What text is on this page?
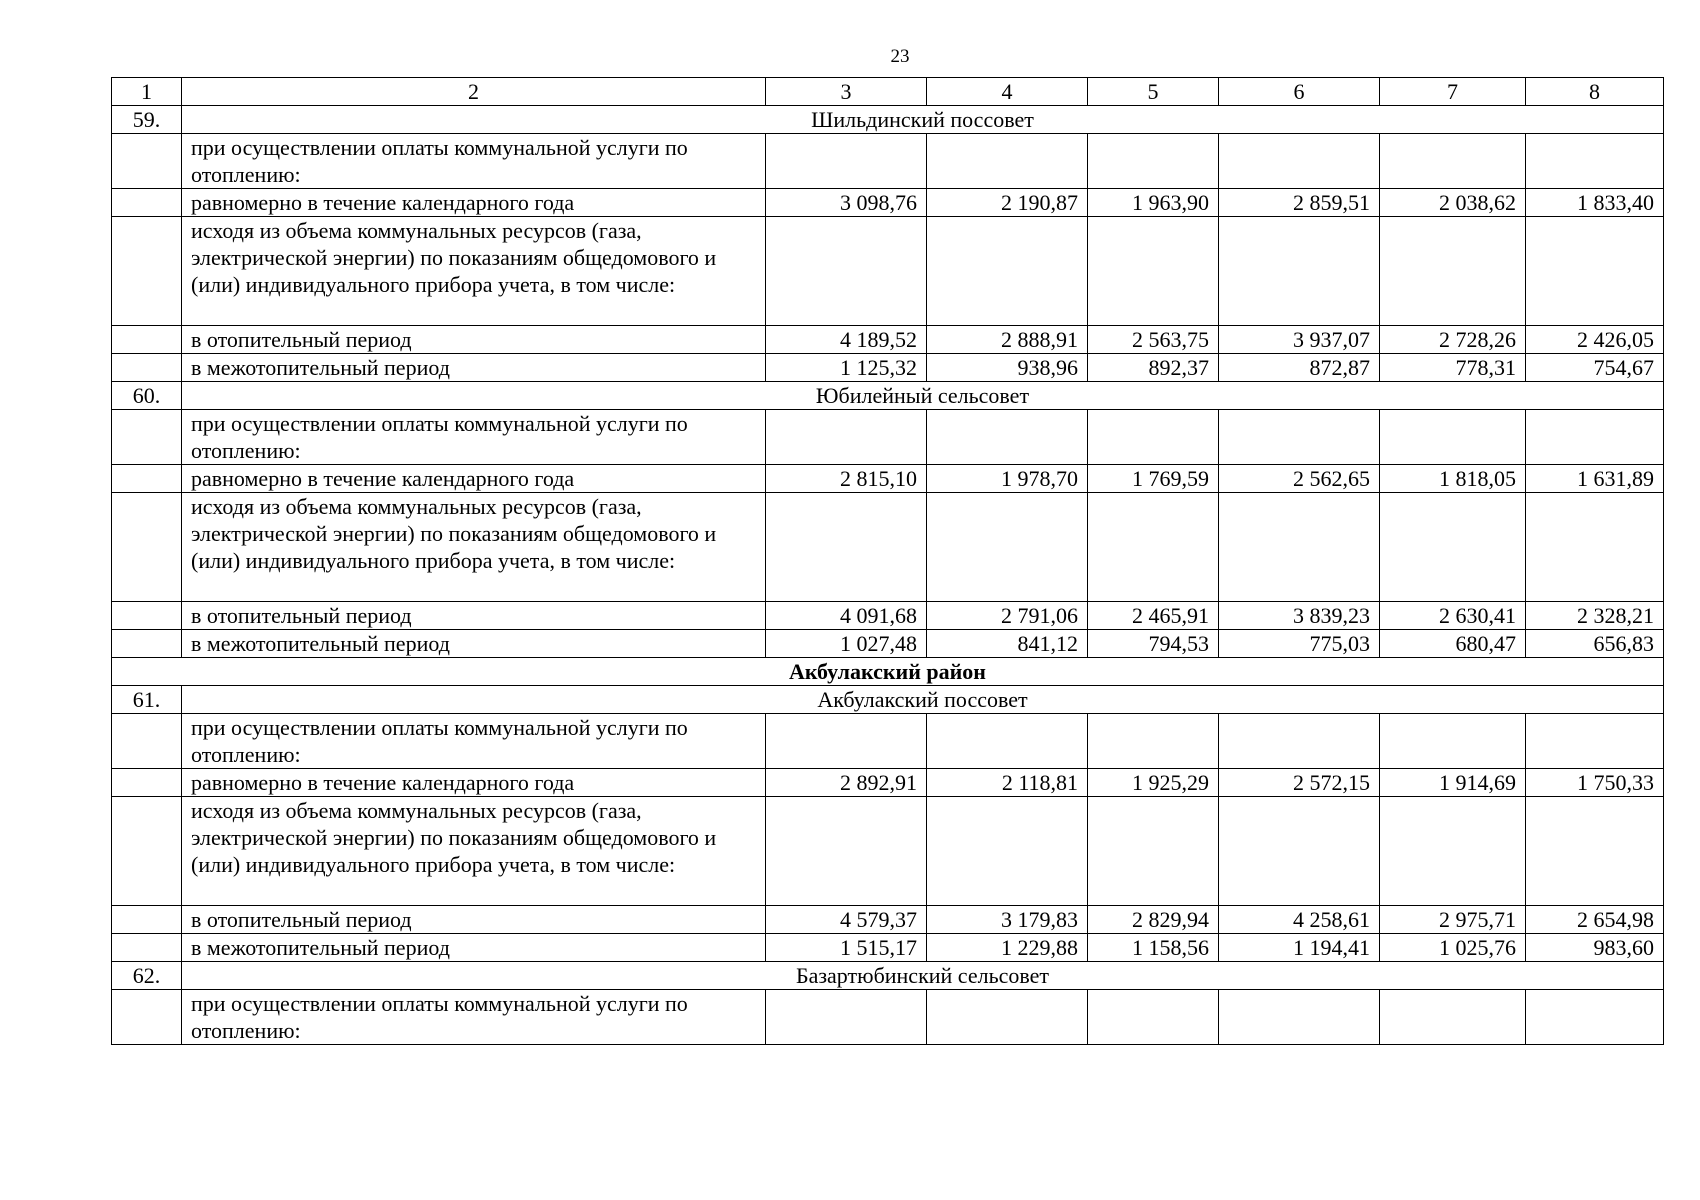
23
1	2	3	4	5	6	7	8
59.	Шильдинский поссовет						
	при осуществлении оплаты коммунальной услуги по отоплению:						
	равномерно в течение календарного года	3 098,76	2 190,87	1 963,90	2 859,51	2 038,62	1 833,40
	исходя из объема коммунальных ресурсов (газа, электрической энергии) по показаниям общедомового и (или) индивидуального прибора учета, в том числе:						
	в отопительный период	4 189,52	2 888,91	2 563,75	3 937,07	2 728,26	2 426,05
	в межотопительный период	1 125,32	938,96	892,37	872,87	778,31	754,67
60.	Юбилейный сельсовет						
	при осуществлении оплаты коммунальной услуги по отоплению:						
	равномерно в течение календарного года	2 815,10	1 978,70	1 769,59	2 562,65	1 818,05	1 631,89
	исходя из объема коммунальных ресурсов (газа, электрической энергии) по показаниям общедомового и (или) индивидуального прибора учета, в том числе:						
	в отопительный период	4 091,68	2 791,06	2 465,91	3 839,23	2 630,41	2 328,21
	в межотопительный период	1 027,48	841,12	794,53	775,03	680,47	656,83
Акбулакский район							
61.	Акбулакский поссовет						
	при осуществлении оплаты коммунальной услуги по отоплению:						
	равномерно в течение календарного года	2 892,91	2 118,81	1 925,29	2 572,15	1 914,69	1 750,33
	исходя из объема коммунальных ресурсов (газа, электрической энергии) по показаниям общедомового и (или) индивидуального прибора учета, в том числе:						
	в отопительный период	4 579,37	3 179,83	2 829,94	4 258,61	2 975,71	2 654,98
	в межотопительный период	1 515,17	1 229,88	1 158,56	1 194,41	1 025,76	983,60
62.	Базартюбинский сельсовет						
	при осуществлении оплаты коммунальной услуги по отоплению:						
